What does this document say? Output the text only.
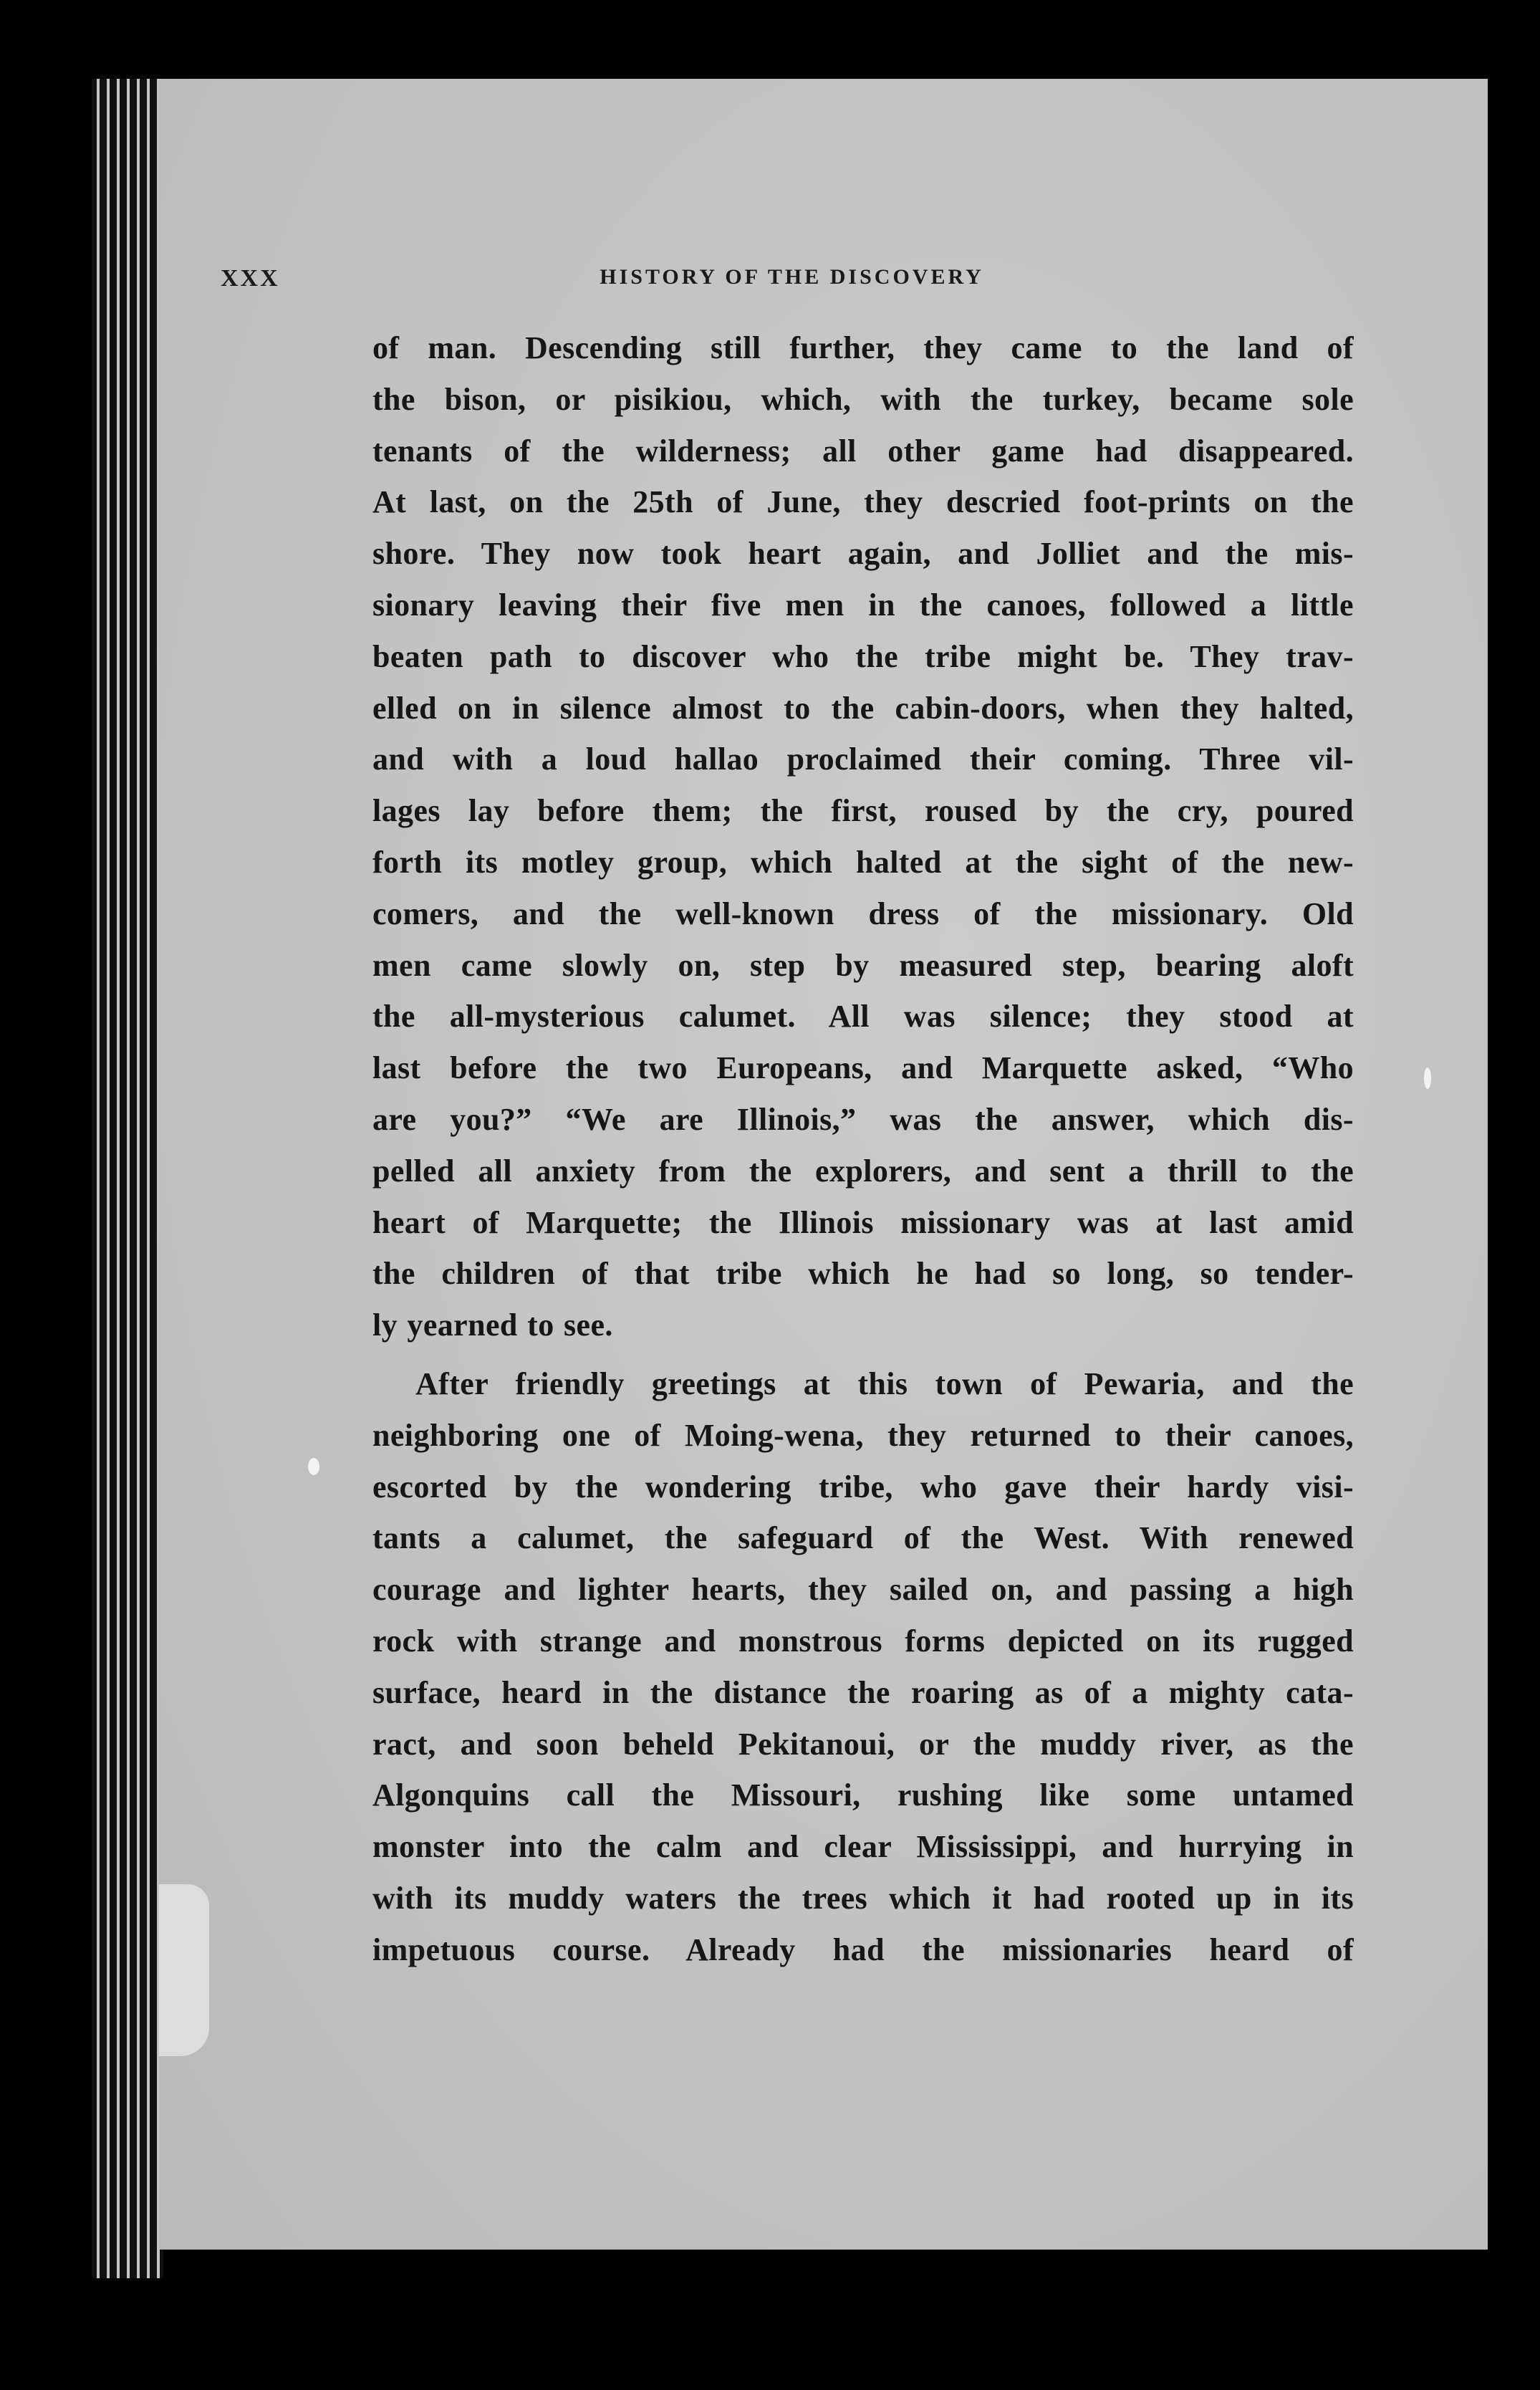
XXX	HISTORY OF THE DISCOVERY
of man. Descending still further, they came to the land of
the bison, or pisikiou, which, with the turkey, became sole
tenants of the wilderness; all other game had disappeared.
At last, on the 25th of June, they descried foot-prints on the
shore. They now took heart again, and Jolliet and the mis-
sionary leaving their five men in the canoes, followed a little
beaten path to discover who the tribe might be. They trav-
elled on in silence almost to the cabin-doors, when they halted,
and with a loud hallao proclaimed their coming. Three vil-
lages lay before them; the first, roused by the cry, poured
forth its motley group, which halted at the sight of the new-
comers, and the well-known dress of the missionary. Old
men came slowly on, step by measured step, bearing aloft
the all-mysterious calumet. All was silence; they stood at
last before the two Europeans, and Marquette asked, “Who
are you?” “We are Illinois,” was the answer, which dis-
pelled all anxiety from the explorers, and sent a thrill to the
heart of Marquette; the Illinois missionary was at last amid
the children of that tribe which he had so long, so tender-
ly yearned to see.
After friendly greetings at this town of Pewaria, and the
neighboring one of Moing-wena, they returned to their canoes,
escorted by the wondering tribe, who gave their hardy visi-
tants a calumet, the safeguard of the West. With renewed
courage and lighter hearts, they sailed on, and passing a high
rock with strange and monstrous forms depicted on its rugged
surface, heard in the distance the roaring as of a mighty cata-
ract, and soon beheld Pekitanoui, or the muddy river, as the
Algonquins call the Missouri, rushing like some untamed
monster into the calm and clear Mississippi, and hurrying in
with its muddy waters the trees which it had rooted up in its
impetuous course. Already had the missionaries heard of
